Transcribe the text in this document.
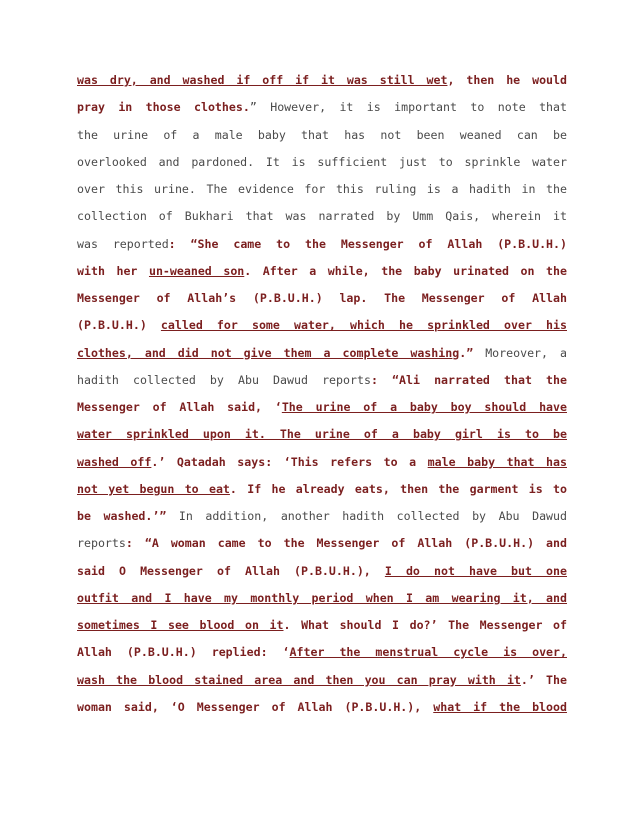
was dry, and washed if off if it was still wet, then he would
pray in those clothes.” However, it is important to note that
the urine of a male baby that has not been weaned can be
overlooked and pardoned. It is sufficient just to sprinkle water
over this urine. The evidence for this ruling is a hadith in the
collection of Bukhari that was narrated by Umm Qais, wherein it
was reported: “She came to the Messenger of Allah (P.B.U.H.)
with her un-weaned son. After a while, the baby urinated on the
Messenger of Allah’s (P.B.U.H.) lap. The Messenger of Allah
(P.B.U.H.) called for some water, which he sprinkled over his
clothes, and did not give them a complete washing.” Moreover, a
hadith collected by Abu Dawud reports: “Ali narrated that the
Messenger of Allah said, ‘The urine of a baby boy should have
water sprinkled upon it. The urine of a baby girl is to be
washed off.’ Qatadah says: ‘This refers to a male baby that has
not yet begun to eat. If he already eats, then the garment is to
be washed.’” In addition, another hadith collected by Abu Dawud
reports: “A woman came to the Messenger of Allah (P.B.U.H.) and
said O Messenger of Allah (P.B.U.H.), I do not have but one
outfit and I have my monthly period when I am wearing it, and
sometimes I see blood on it. What should I do?’ The Messenger of
Allah (P.B.U.H.) replied: ‘After the menstrual cycle is over,
wash the blood stained area and then you can pray with it.’ The
woman said, ‘O Messenger of Allah (P.B.U.H.), what if the blood
